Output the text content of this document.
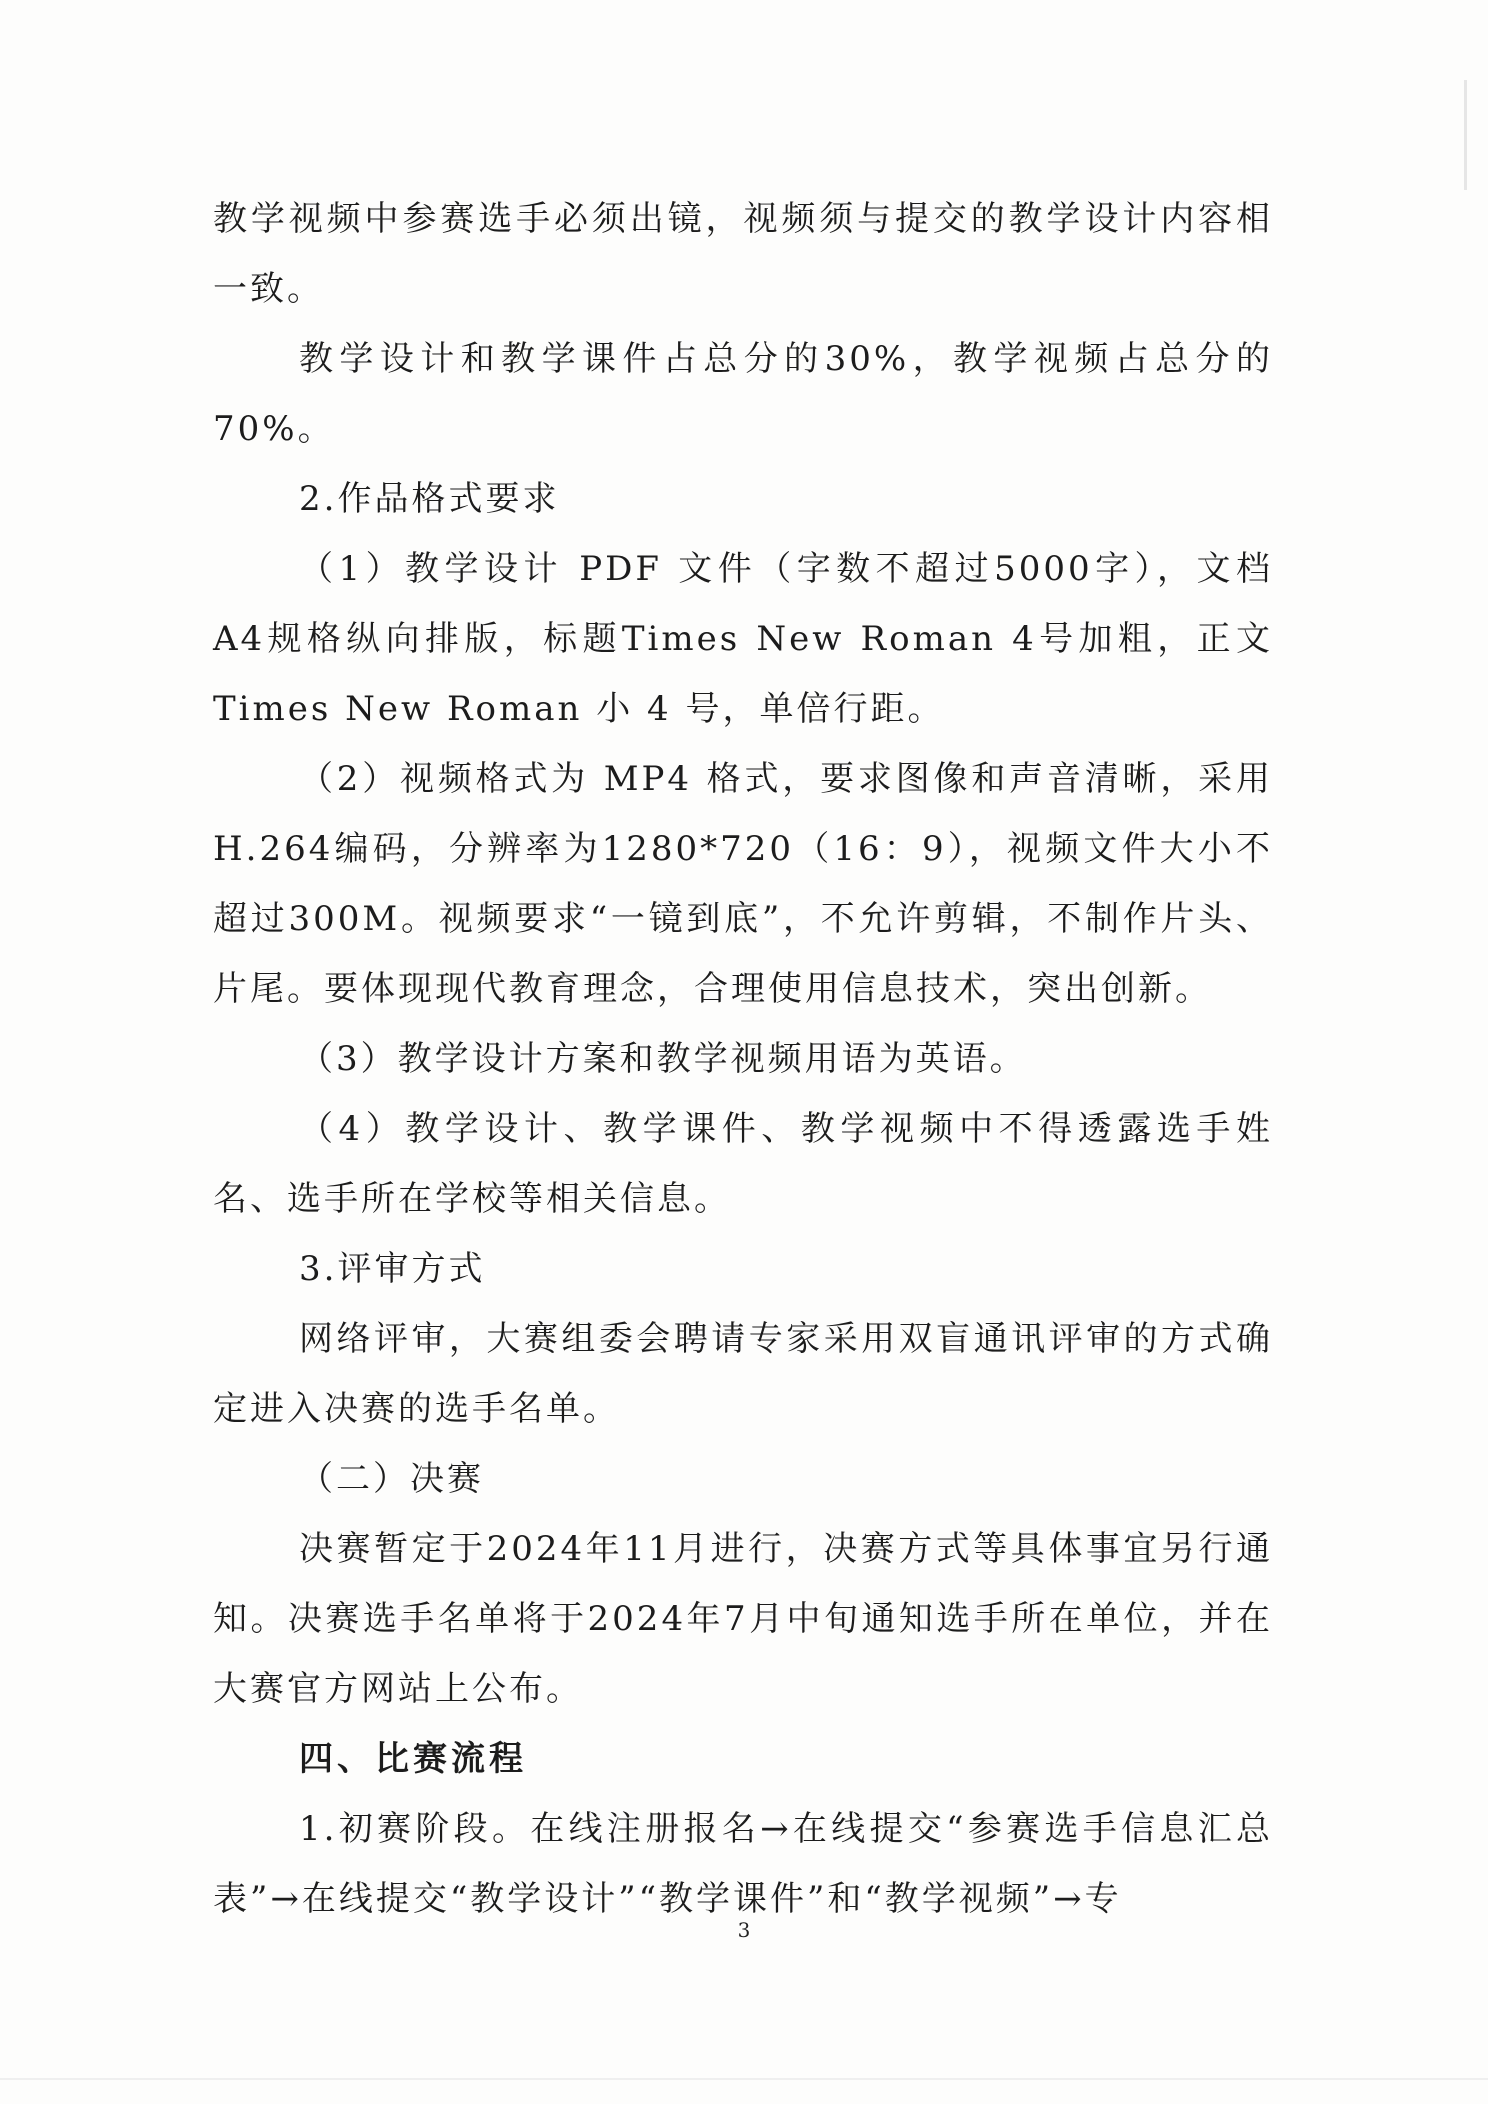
教学视频中参赛选手必须出镜，视频须与提交的教学设计内容相一致。

教学设计和教学课件占总分的30%，教学视频占总分的70%。

2.作品格式要求

（1）教学设计 PDF 文件（字数不超过5000字），文档 A4规格纵向排版，标题Times New Roman 4号加粗，正文Times New Roman 小 4 号，单倍行距。

（2）视频格式为 MP4 格式，要求图像和声音清晰，采用H.264编码，分辨率为1280*720（16：9），视频文件大小不超过300M。视频要求“一镜到底”，不允许剪辑，不制作片头、片尾。要体现现代教育理念，合理使用信息技术，突出创新。

（3）教学设计方案和教学视频用语为英语。

（4）教学设计、教学课件、教学视频中不得透露选手姓名、选手所在学校等相关信息。

3.评审方式

网络评审，大赛组委会聘请专家采用双盲通讯评审的方式确定进入决赛的选手名单。

（二）决赛

决赛暂定于2024年11月进行，决赛方式等具体事宜另行通知。决赛选手名单将于2024年7月中旬通知选手所在单位，并在大赛官方网站上公布。

四、比赛流程

1.初赛阶段。在线注册报名→在线提交“参赛选手信息汇总表”→在线提交“教学设计”“教学课件”和“教学视频”→专

3
